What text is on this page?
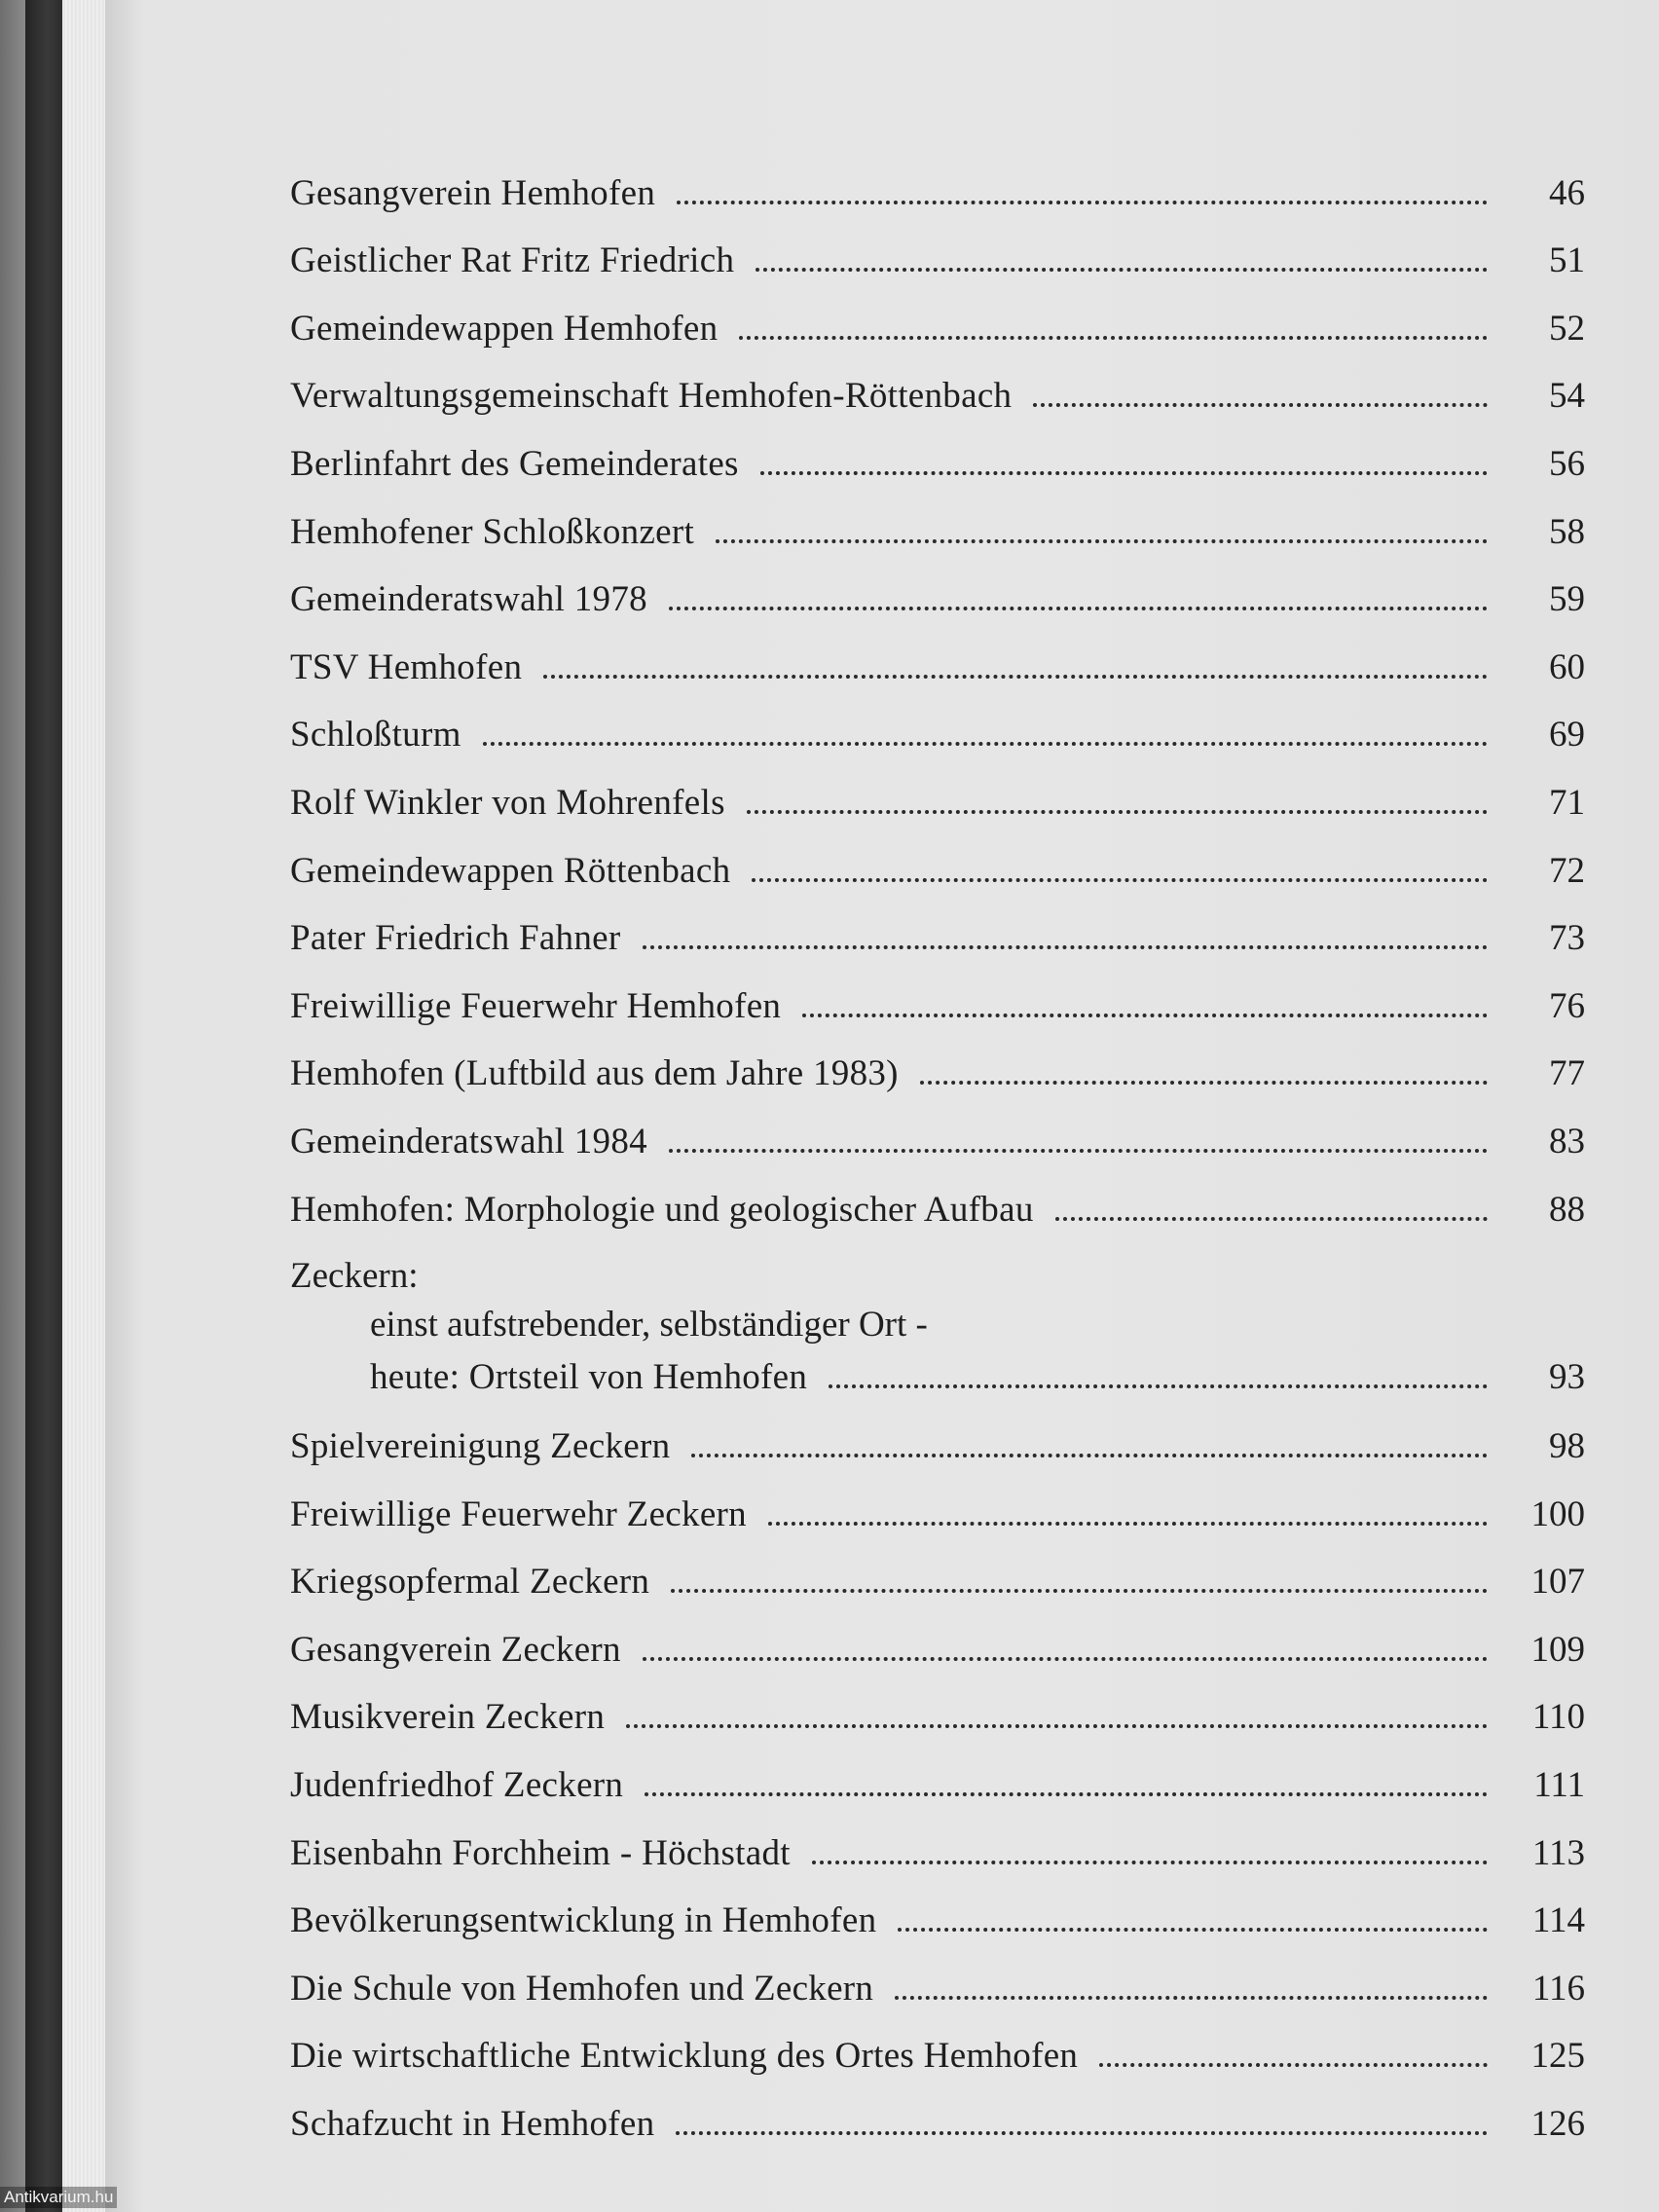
Gesangverein Hemhofen	46
Geistlicher Rat Fritz Friedrich	51
Gemeindewappen Hemhofen	52
Verwaltungsgemeinschaft Hemhofen-Röttenbach	54
Berlinfahrt des Gemeinderates	56
Hemhofener Schloßkonzert	58
Gemeinderatswahl 1978	59
TSV Hemhofen	60
Schloßturm	69
Rolf Winkler von Mohrenfels	71
Gemeindewappen Röttenbach	72
Pater Friedrich Fahner	73
Freiwillige Feuerwehr Hemhofen	76
Hemhofen (Luftbild aus dem Jahre 1983)	77
Gemeinderatswahl 1984	83
Hemhofen: Morphologie und geologischer Aufbau	88
Zeckern:
einst aufstrebender, selbständiger Ort -
heute: Ortsteil von Hemhofen	93
Spielvereinigung Zeckern	98
Freiwillige Feuerwehr Zeckern	100
Kriegsopfermal Zeckern	107
Gesangverein Zeckern	109
Musikverein Zeckern	110
Judenfriedhof Zeckern	111
Eisenbahn Forchheim - Höchstadt	113
Bevölkerungsentwicklung in Hemhofen	114
Die Schule von Hemhofen und Zeckern	116
Die wirtschaftliche Entwicklung des Ortes Hemhofen	125
Schafzucht in Hemhofen	126
Antikvarium.hu
